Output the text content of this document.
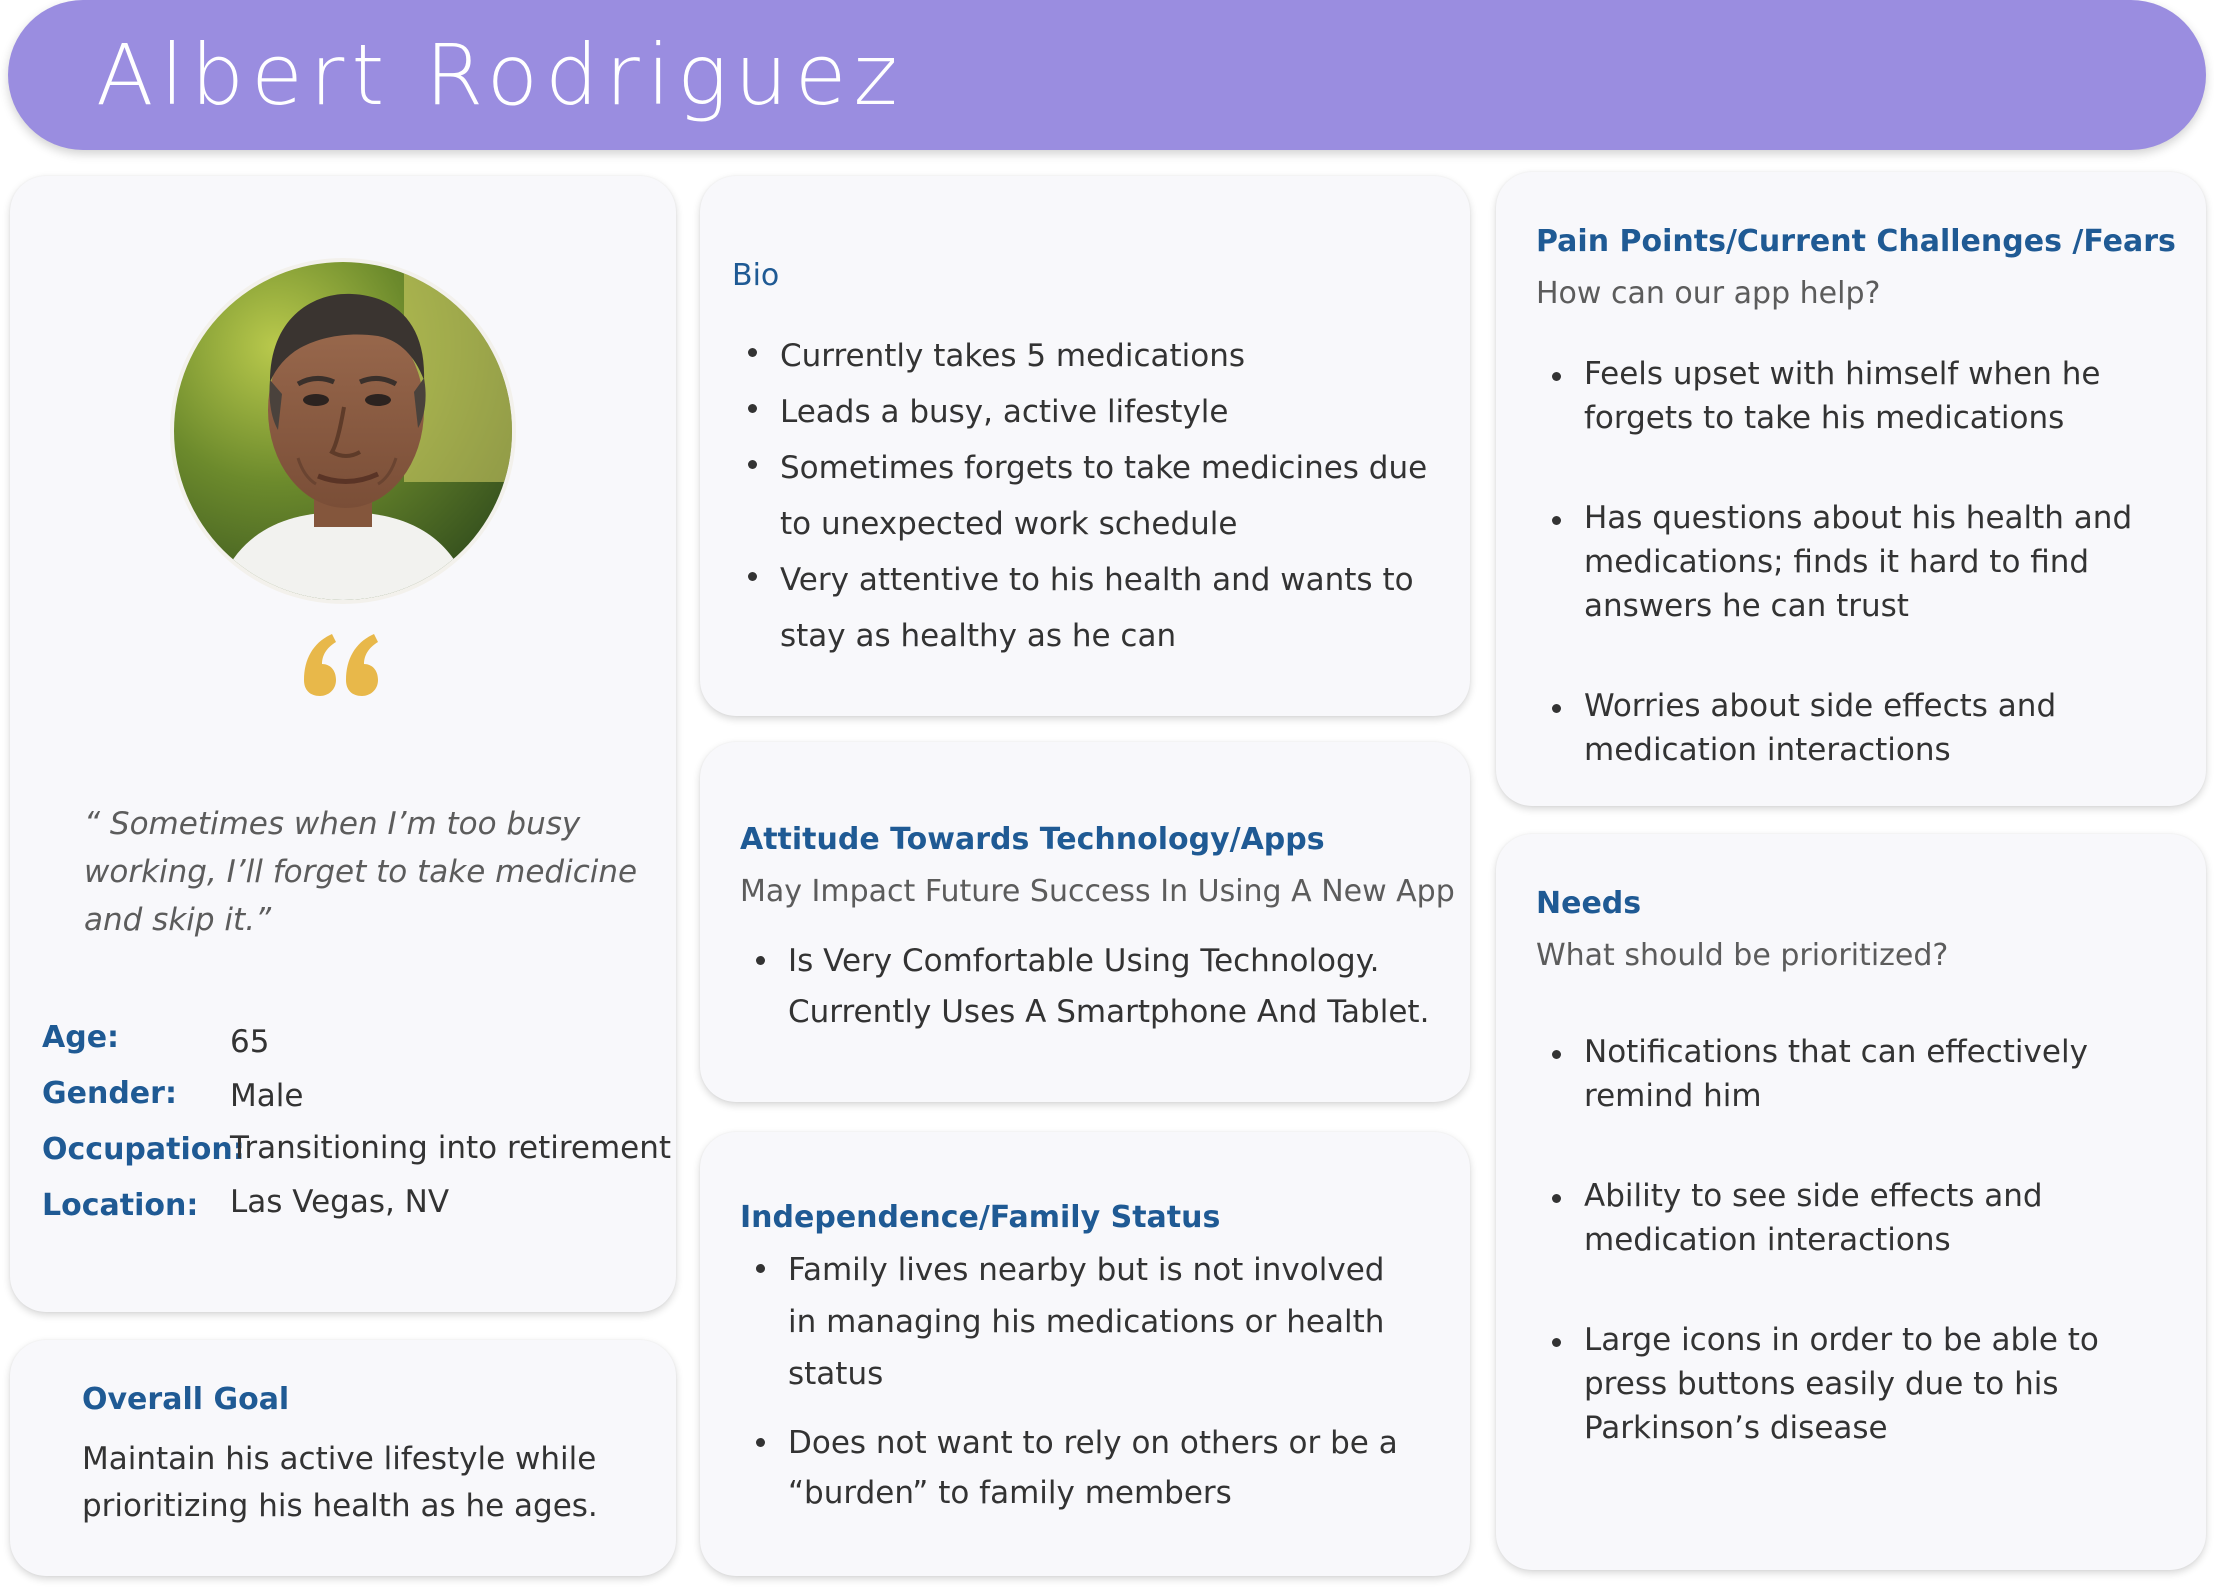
Albert Rodriguez
“ Sometimes when I’m too busy working, I’ll forget to take medicine and skip it.”
Age:	65
Gender: Male
Occupation:
Transitioning into retirement
Location: Las Vegas, NV
Overall Goal
Maintain his active lifestyle while prioritizing his health as he ages.
Bio
Currently takes 5 medications
Leads a busy, active lifestyle
Sometimes forgets to take medicines due to unexpected work schedule
Very attentive to his health and wants to stay as healthy as he can
Attitude Towards Technology/Apps
May Impact Future Success In Using A New App
Is Very Comfortable Using Technology. Currently Uses A Smartphone And Tablet.
Independence/Family Status
Family lives nearby but is not involved in managing his medications or health status
Does not want to rely on others or be a “burden” to family members
Pain Points/Current Challenges /Fears
How can our app help?
Feels upset with himself when he forgets to take his medications
Has questions about his health and medications; finds it hard to find answers he can trust
Worries about side effects and medication interactions
Needs
What should be prioritized?
Notifications that can effectively remind him
Ability to see side effects and medication interactions
Large icons in order to be able to press buttons easily due to his Parkinson’s disease
